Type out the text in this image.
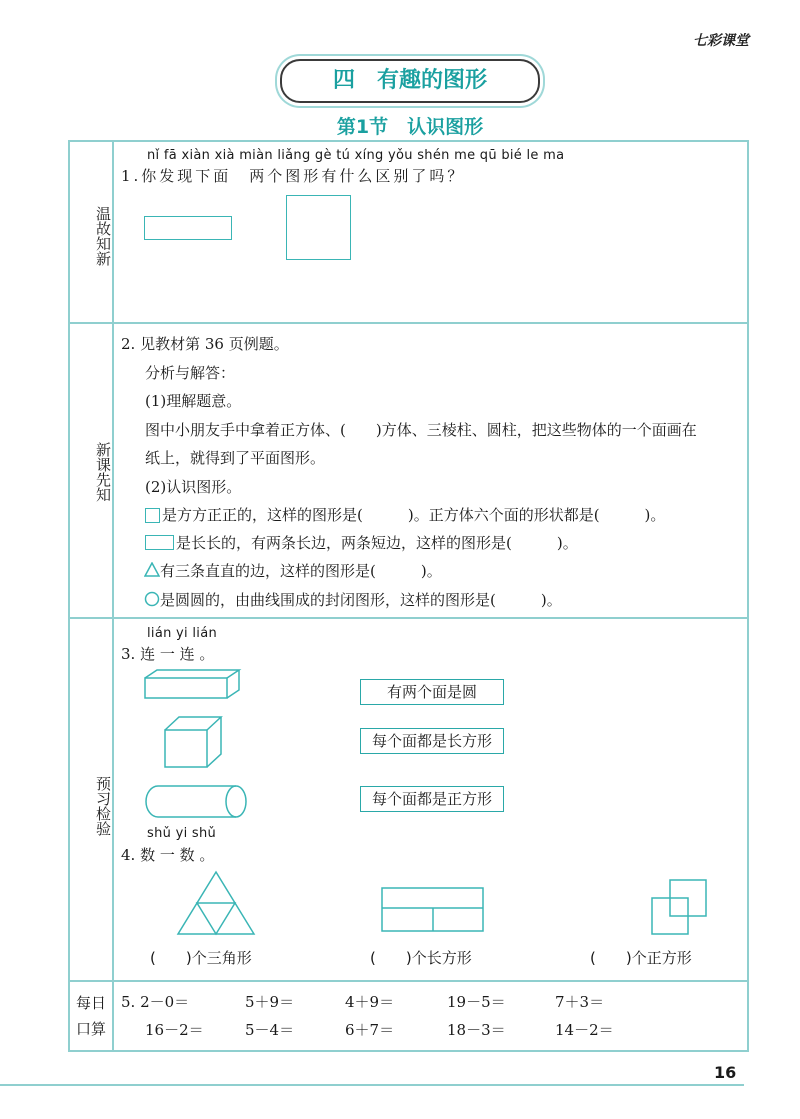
七彩课堂
四　有趣的图形
第1节　认识图形
温故知新
新课先知
预习检验
每日
口算
nǐ fā xiàn xià miàn liǎng gè tú xíng yǒu shén me qū bié le ma
1.你发现下面　两个图形有什么区别了吗？
2. 见教材第 36 页例题。
分析与解答：
(1)理解题意。
图中小朋友手中拿着正方体、(　　)方体、三棱柱、圆柱，把这些物体的一个面画在
纸上，就得到了平面图形。
(2)认识图形。
是方方正正的，这样的图形是(　　　)。正方体六个面的形状都是(　　　)。
是长长的，有两条长边，两条短边，这样的图形是(　　　)。
有三条直直的边，这样的图形是(　　　)。
是圆圆的，由曲线围成的封闭图形，这样的图形是(　　　)。
lián yi lián
3. 连 一 连 。
有两个面是圆
每个面都是长方形
每个面都是正方形
shǔ yi shǔ
4. 数 一 数 。
(　　)个三角形	(　　)个长方形	(　　)个正方形
5. 2－0＝	5＋9＝	4＋9＝	19－5＝	7＋3＝
16－2＝	5－4＝	6＋7＝	18－3＝	14－2＝
16
